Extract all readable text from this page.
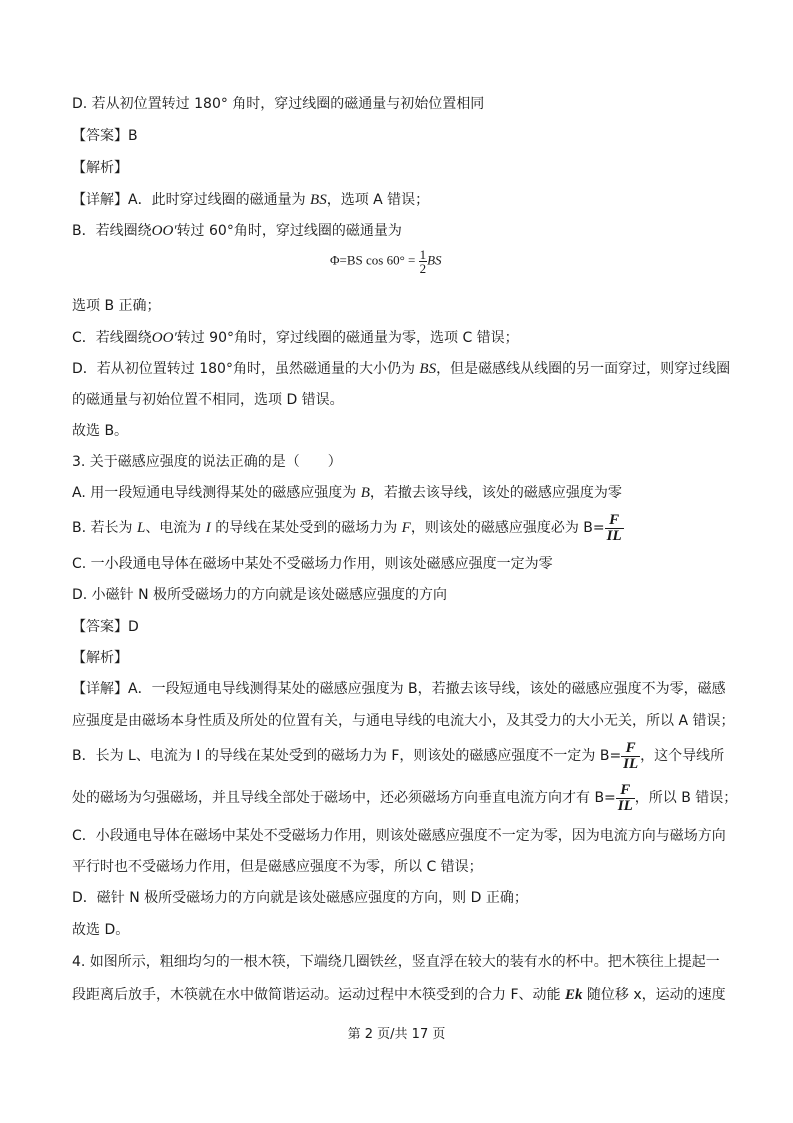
D. 若从初位置转过 180° 角时，穿过线圈的磁通量与初始位置相同
【答案】B
【解析】
【详解】A．此时穿过线圈的磁通量为 BS，选项 A 错误；
B．若线圈绕OO′转过 60°角时，穿过线圈的磁通量为
Φ=BS $\cos 60^\circ = \frac{1}{2}$ BS
选项 B 正确；
C．若线圈绕OO′转过 90°角时，穿过线圈的磁通量为零，选项 C 错误；
D．若从初位置转过 180°角时，虽然磁通量的大小仍为 BS，但是磁感线从线圈的另一面穿过，则穿过线圈
的磁通量与初始位置不相同，选项 D 错误。
故选 B。
3. 关于磁感应强度的说法正确的是（　　）
A. 用一段短通电导线测得某处的磁感应强度为 B，若撤去该导线，该处的磁感应强度为零
B. 若长为 L、电流为 I 的导线在某处受到的磁场力为 F，则该处的磁感应强度必为 $B= \frac{F}{IL}$
C. 一小段通电导体在磁场中某处不受磁场力作用，则该处磁感应强度一定为零
D. 小磁针 N 极所受磁场力的方向就是该处磁感应强度的方向
【答案】D
【解析】
【详解】A．一段短通电导线测得某处的磁感应强度为 B，若撤去该导线，该处的磁感应强度不为零，磁感
应强度是由磁场本身性质及所处的位置有关，与通电导线的电流大小，及其受力的大小无关，所以 A 错误；
B．长为 L、电流为 I 的导线在某处受到的磁场力为 F，则该处的磁感应强度不一定为 $B= \frac{F}{IL}$ ，这个导线所
处的磁场为匀强磁场，并且导线全部处于磁场中，还必须磁场方向垂直电流方向才有 $B= \frac{F}{IL}$ ，所以 B 错误；
C．小段通电导体在磁场中某处不受磁场力作用，则该处磁感应强度不一定为零，因为电流方向与磁场方向
平行时也不受磁场力作用，但是磁感应强度不为零，所以 C 错误；
D．磁针 N 极所受磁场力的方向就是该处磁感应强度的方向，则 D 正确；
故选 D。
4. 如图所示，粗细均匀的一根木筷，下端绕几圈铁丝，竖直浮在较大的装有水的杯中。把木筷往上提起一
段距离后放手，木筷就在水中做简谐运动。运动过程中木筷受到的合力 F、动能 Ek 随位移 x，运动的速度
第 2 页/共 17 页
